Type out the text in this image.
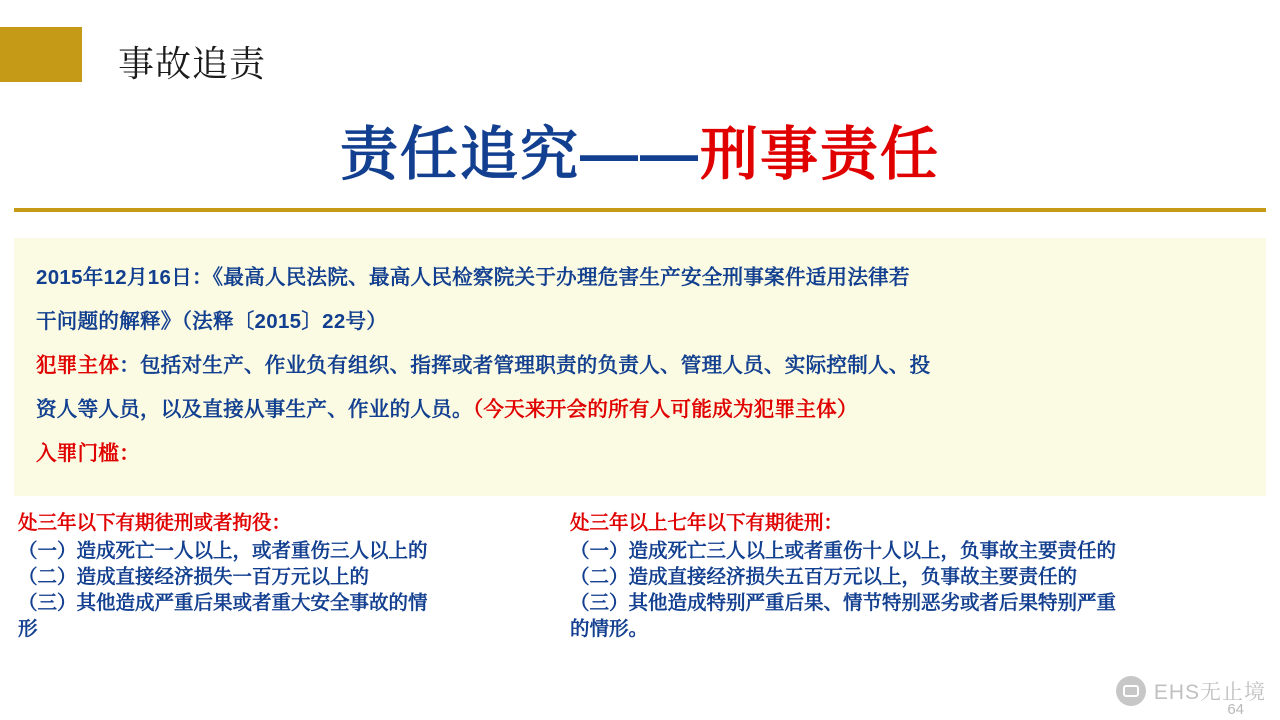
事故追责
责任追究——刑事责任
2015年12月16日：《最高人民法院、最高人民检察院关于办理危害生产安全刑事案件适用法律若
干问题的解释》（法释〔2015〕22号）
犯罪主体：包括对生产、作业负有组织、指挥或者管理职责的负责人、管理人员、实际控制人、投
资人等人员，以及直接从事生产、作业的人员。（今天来开会的所有人可能成为犯罪主体）
入罪门槛：
处三年以下有期徒刑或者拘役：
（一）造成死亡一人以上，或者重伤三人以上的
（二）造成直接经济损失一百万元以上的
（三）其他造成严重后果或者重大安全事故的情
形
处三年以上七年以下有期徒刑：
（一）造成死亡三人以上或者重伤十人以上，负事故主要责任的
（二）造成直接经济损失五百万元以上，负事故主要责任的
（三）其他造成特别严重后果、情节特别恶劣或者后果特别严重
的情形。
EHS无止境
64
